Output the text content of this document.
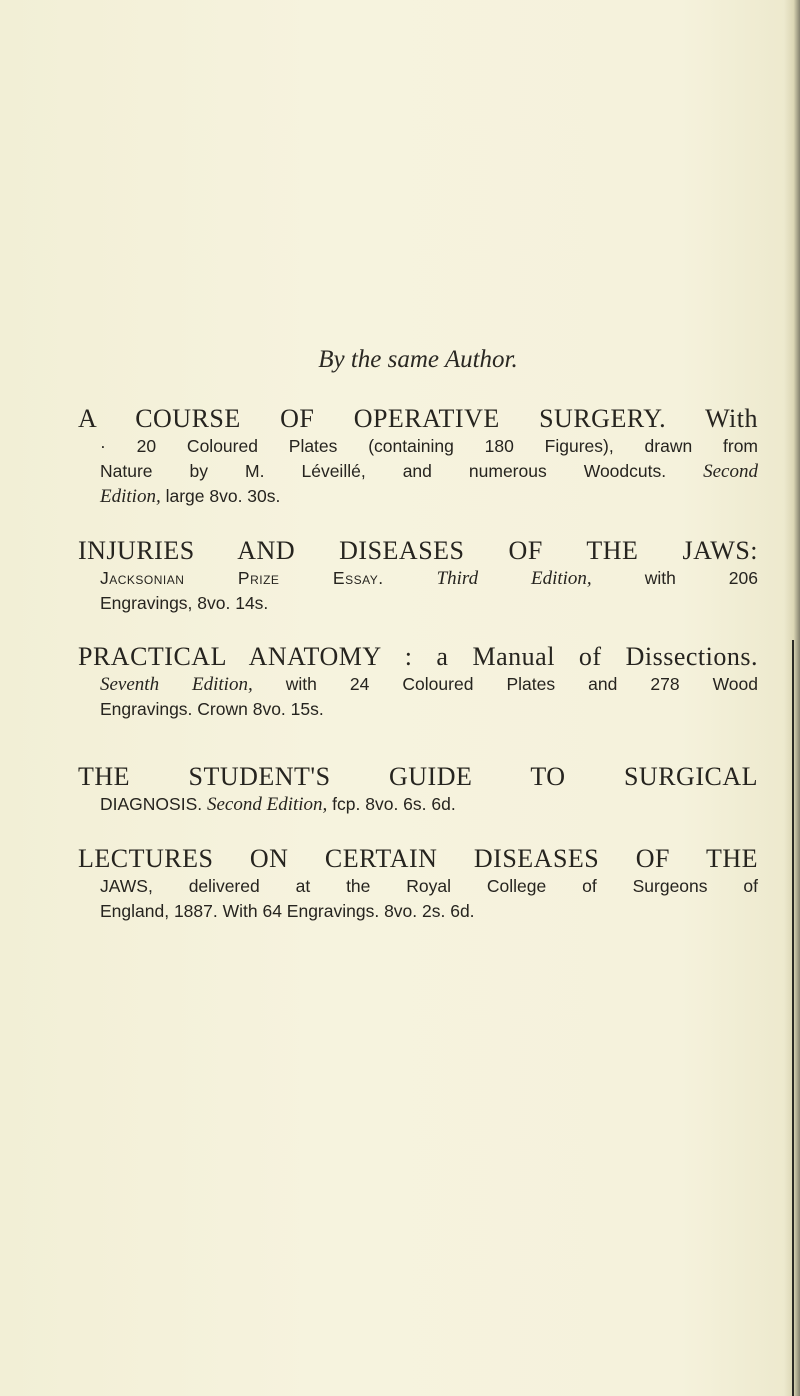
By the same Author.
A COURSE OF OPERATIVE SURGERY. With
· 20 Coloured Plates (containing 180 Figures), drawn from
Nature by M. Léveillé, and numerous Woodcuts. Second
Edition, large 8vo. 30s.
INJURIES AND DISEASES OF THE JAWS:
Jacksonian Prize Essay.	Third Edition,	with 206
Engravings, 8vo. 14s.
PRACTICAL ANATOMY : a Manual of Dissections.
Seventh Edition, with 24 Coloured Plates and 278 Wood
Engravings. Crown 8vo. 15s.
THE STUDENT'S GUIDE TO SURGICAL
DIAGNOSIS. Second Edition, fcp. 8vo. 6s. 6d.
LECTURES ON CERTAIN DISEASES OF THE
JAWS, delivered at the Royal College of Surgeons of
England, 1887. With 64 Engravings. 8vo. 2s. 6d.
